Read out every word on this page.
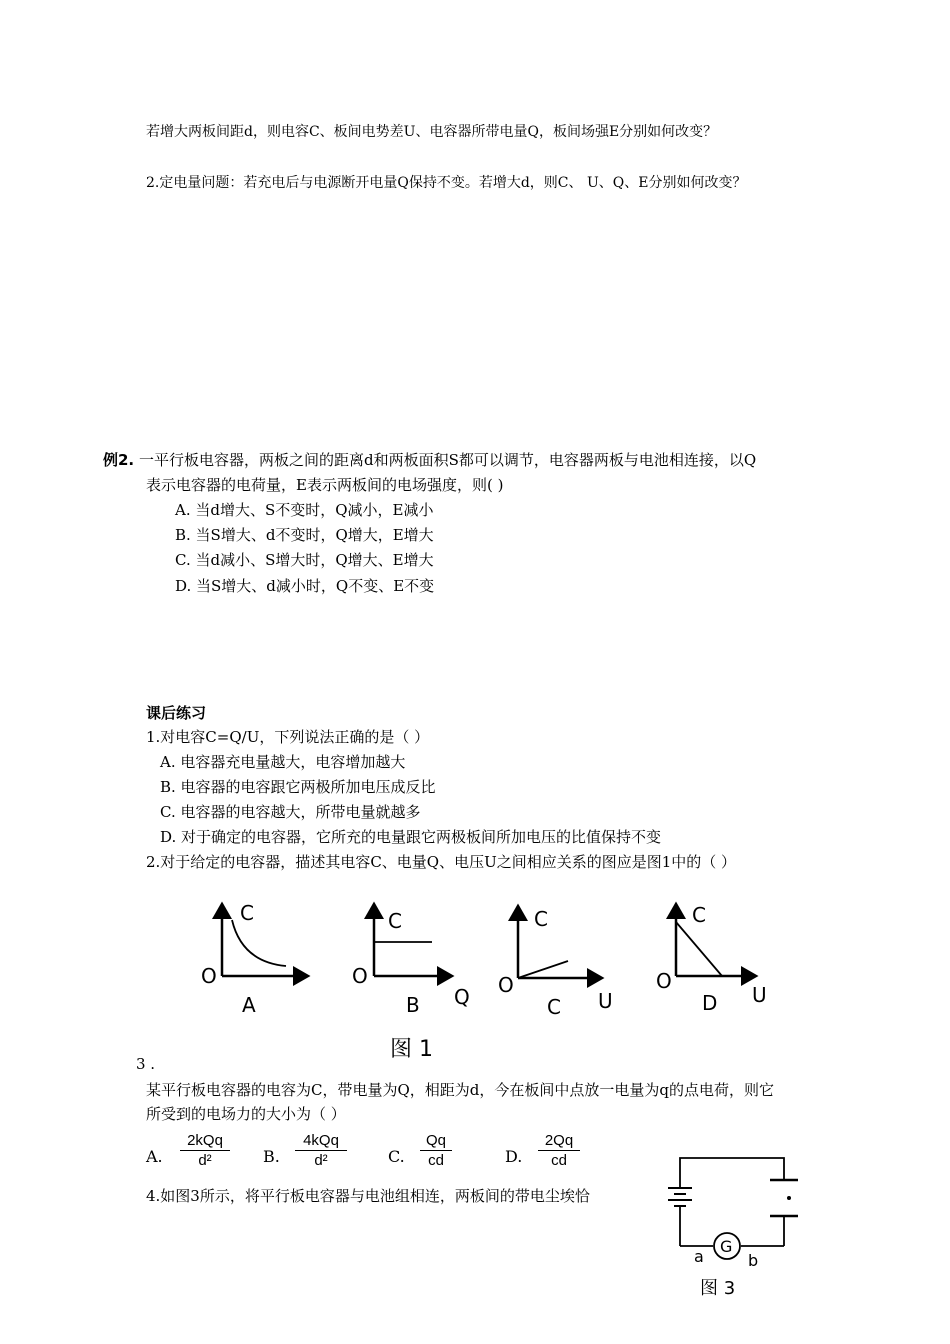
若增大两板间距d，则电容C、板间电势差U、电容器所带电量Q，板间场强E分别如何改变？
2.定电量问题：若充电后与电源断开电量Q保持不变。若增大d，则C、 U、Q、E分别如何改变？
例2. 一平行板电容器，两板之间的距离d和两板面积S都可以调节，电容器两板与电池相连接，以Q
表示电容器的电荷量，E表示两板间的电场强度，则( )
A. 当d增大、S不变时，Q减小，E减小
B. 当S增大、d不变时，Q增大，E增大
C. 当d减小、S增大时，Q增大、E增大
D. 当S增大、d减小时，Q不变、E不变
课后练习
1.对电容C=Q/U，下列说法正确的是（ ）
A. 电容器充电量越大，电容增加越大
B. 电容器的电容跟它两极所加电压成反比
C. 电容器的电容越大，所带电量就越多
D. 对于确定的电容器，它所充的电量跟它两极板间所加电压的比值保持不变
2.对于给定的电容器，描述其电容C、电量Q、电压U之间相应关系的图应是图1中的（ ）
C
O
A
C
O
B Q
C
O
C U
C
O
D U
图 1
3 .
某平行板电容器的电容为C，带电量为Q，相距为d，今在板间中点放一电量为q的点电荷，则它
所受到的电场力的大小为（ ）
A.
2kQq
d²	B.
4kQq
d²	C.
Qq
cd	D.
2Qq
cd
4.如图3所示，将平行板电容器与电池组相连，两板间的带电尘埃恰
G
a	b
图 3
